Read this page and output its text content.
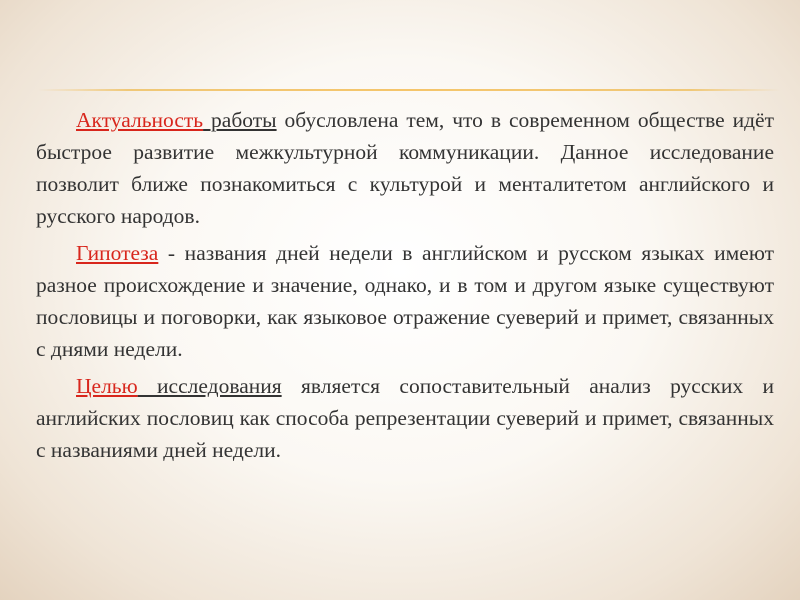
Актуальность работы обусловлена тем, что в современном обществе идёт быстрое развитие межкультурной коммуникации. Данное исследование позволит ближе познакомиться с культурой и менталитетом английского и русского народов.

Гипотеза - названия дней недели в английском и русском языках имеют разное происхождение и значение, однако, и в том и другом языке существуют пословицы и поговорки, как языковое отражение суеверий и примет, связанных с днями недели.

Целью исследования является сопоставительный анализ русских и английских пословиц как способа репрезентации суеверий и примет, связанных с названиями дней недели.
